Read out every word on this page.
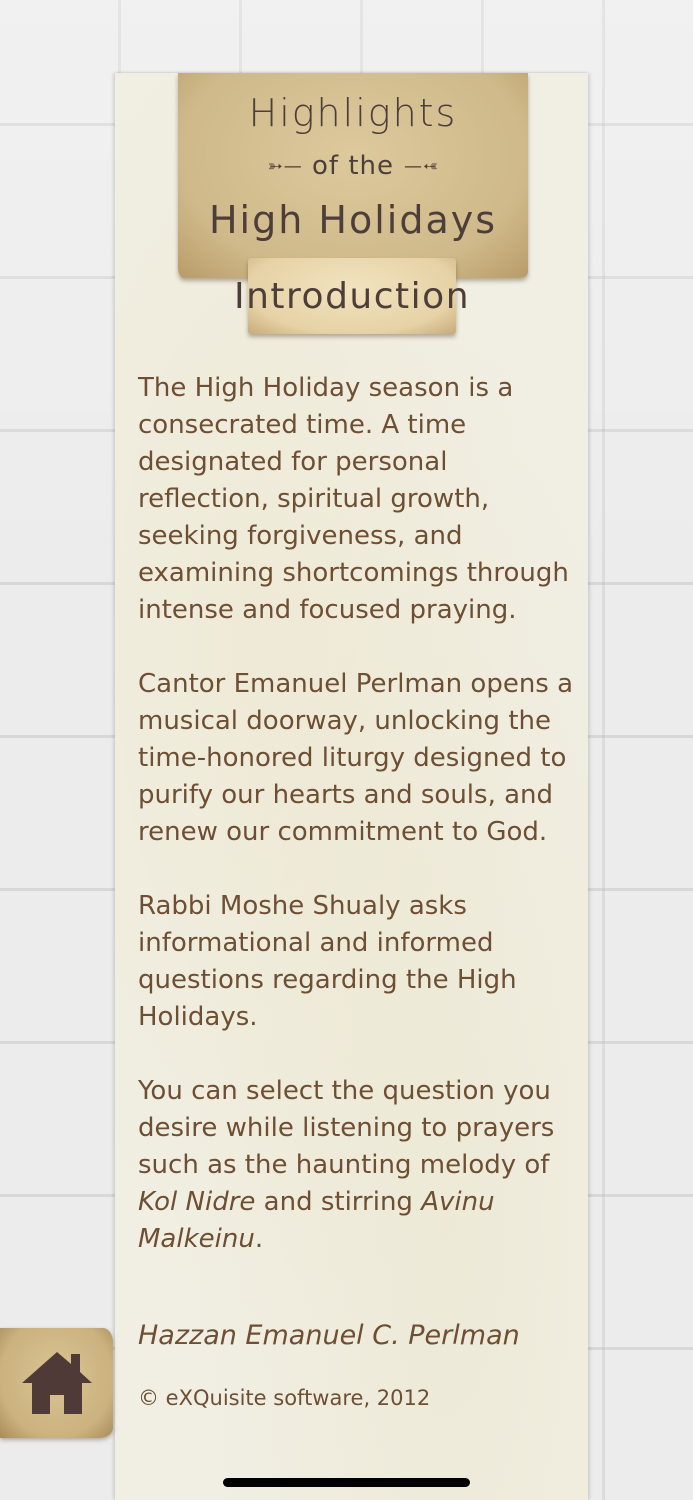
Highlights
➳— of the ➳—
High Holidays
Introduction

The High Holiday season is a consecrated time. A time designated for personal reflection, spiritual growth, seeking forgiveness, and examining shortcomings through intense and focused praying.

Cantor Emanuel Perlman opens a musical doorway, unlocking the time-honored liturgy designed to purify our hearts and souls, and renew our commitment to God.

Rabbi Moshe Shualy asks informational and informed questions regarding the High Holidays.

You can select the question you desire while listening to prayers such as the haunting melody of Kol Nidre and stirring Avinu Malkeinu.

Hazzan Emanuel C. Perlman
© eXQuisite software, 2012
